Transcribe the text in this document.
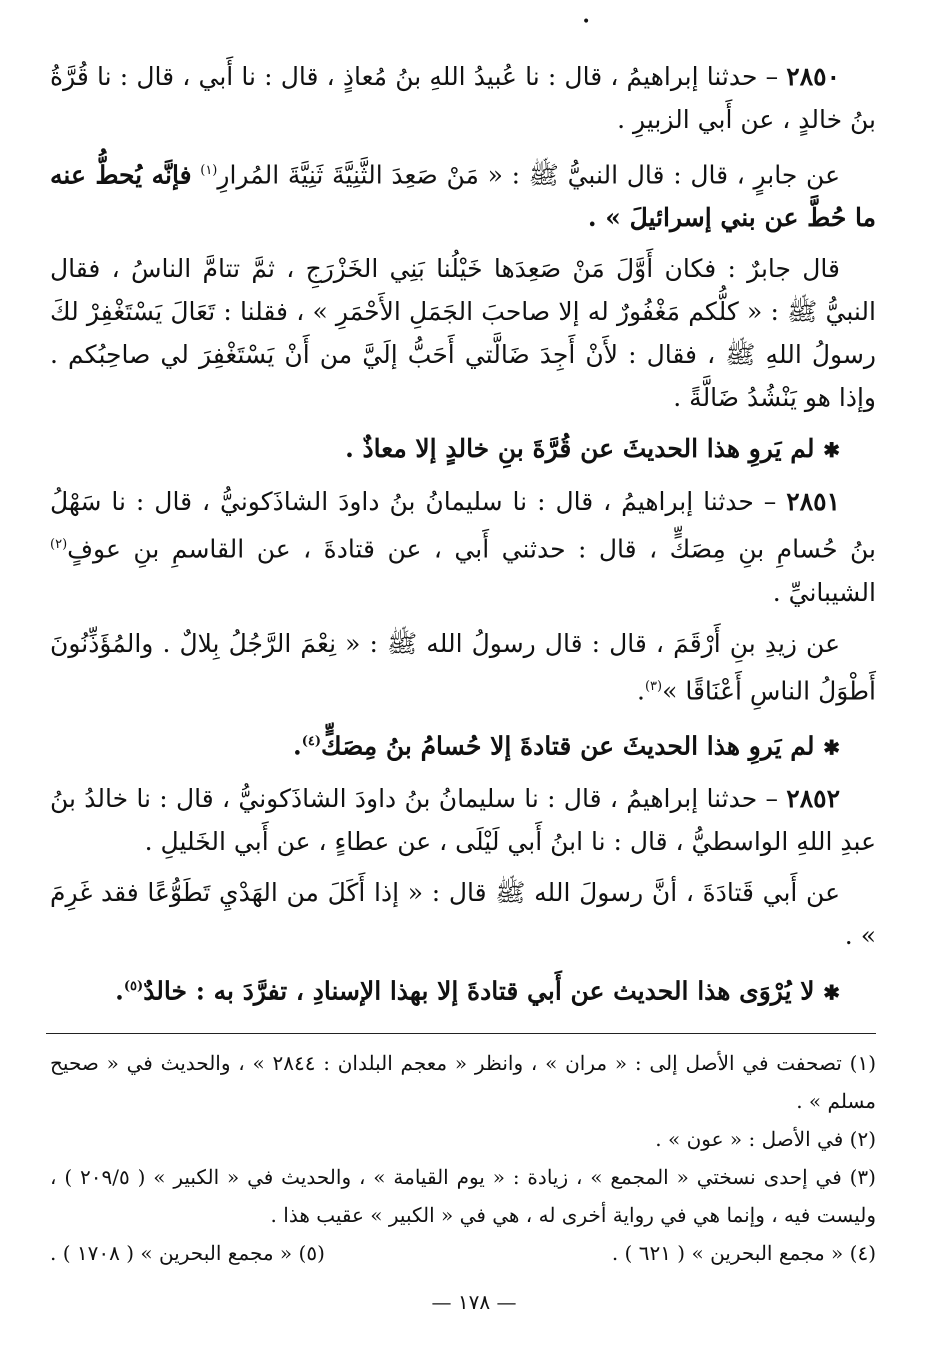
•

٢٨٥٠ – حدثنا إبراهيمُ ، قال : نا عُبيدُ اللهِ بنُ مُعاذٍ ، قال : نا أَبي ، قال : نا قُرَّةُ بنُ خالدٍ ، عن أَبي الزبيرِ .

عن جابرٍ ، قال : قال النبيُّ ﷺ : « مَنْ صَعِدَ الثَّنِيَّةَ ثَنِيَّةَ المُرارِ$^{(١)}$ فإنَّه يُحطُّ عنه ما حُطَّ عن بني إسرائيلَ » .

قال جابرٌ : فكان أَوَّلَ مَنْ صَعِدَها خَيْلُنا بَنِي الخَزْرَجِ ، ثمَّ تتامَّ الناسُ ، فقال النبيُّ ﷺ : « كلُّكم مَغْفُورٌ له إلا صاحبَ الجَمَلِ الأَحْمَرِ » ، فقلنا : تَعَالَ يَسْتَغْفِرْ لكَ رسولُ اللهِ ﷺ ، فقال : لأَنْ أَجِدَ ضَالَّتي أَحَبُّ إلَيَّ من أَنْ يَسْتَغْفِرَ لي صاحِبُكم . وإذا هو يَنْشُدُ ضَالَّةً .

✱ لم يَروِ هذا الحديثَ عن قُرَّةَ بنِ خالدٍ إلا معاذٌ .

٢٨٥١ – حدثنا إبراهيمُ ، قال : نا سليمانُ بنُ داودَ الشاذَكونيُّ ، قال : نا سَهْلُ بنُ حُسامِ بنِ مِصَكٍّ ، قال : حدثني أَبي ، عن قتادةَ ، عن القاسمِ بنِ عوفٍ$^{(٢)}$ الشيبانيِّ .

عن زيدِ بنِ أَرْقَمَ ، قال : قال رسولُ الله ﷺ : « نِعْمَ الرَّجُلُ بِلالٌ . والمُؤَذِّنُونَ أَطْوَلُ الناسِ أَعْنَاقًا »$^{(٣)}$.

✱ لم يَروِ هذا الحديثَ عن قتادةَ إلا حُسامُ بنُ مِصَكٍّ$^{(٤)}$.

٢٨٥٢ – حدثنا إبراهيمُ ، قال : نا سليمانُ بنُ داودَ الشاذَكونيُّ ، قال : نا خالدُ بنُ عبدِ اللهِ الواسطيُّ ، قال : نا ابنُ أَبي لَيْلَى ، عن عطاءٍ ، عن أَبي الخَليلِ .

عن أَبي قَتادَةَ ، أنَّ رسولَ الله ﷺ قال : « إذا أَكَلَ من الهَدْيِ تَطَوُّعًا فقد غَرِمَ » .

✱ لا يُرْوَى هذا الحديث عن أَبي قتادةَ إلا بهذا الإسنادِ ، تفرَّدَ به : خالدٌ$^{(٥)}$.

(١) تصحفت في الأصل إلى : « مران » ، وانظر « معجم البلدان : ٢٨٤٤ » ، والحديث في « صحيح مسلم » .

(٢) في الأصل : « عون » .

(٣) في إحدى نسختي « المجمع » ، زيادة : « يوم القيامة » ، والحديث في « الكبير » ( ٢٠٩/٥ ) ، وليست فيه ، وإنما هي في رواية أخرى له ، هي في « الكبير » عقيب هذا .

(٤) « مجمع البحرين » ( ٦٢١ ) .
(٥) « مجمع البحرين » ( ١٧٠٨ ) .
— ١٧٨ —
